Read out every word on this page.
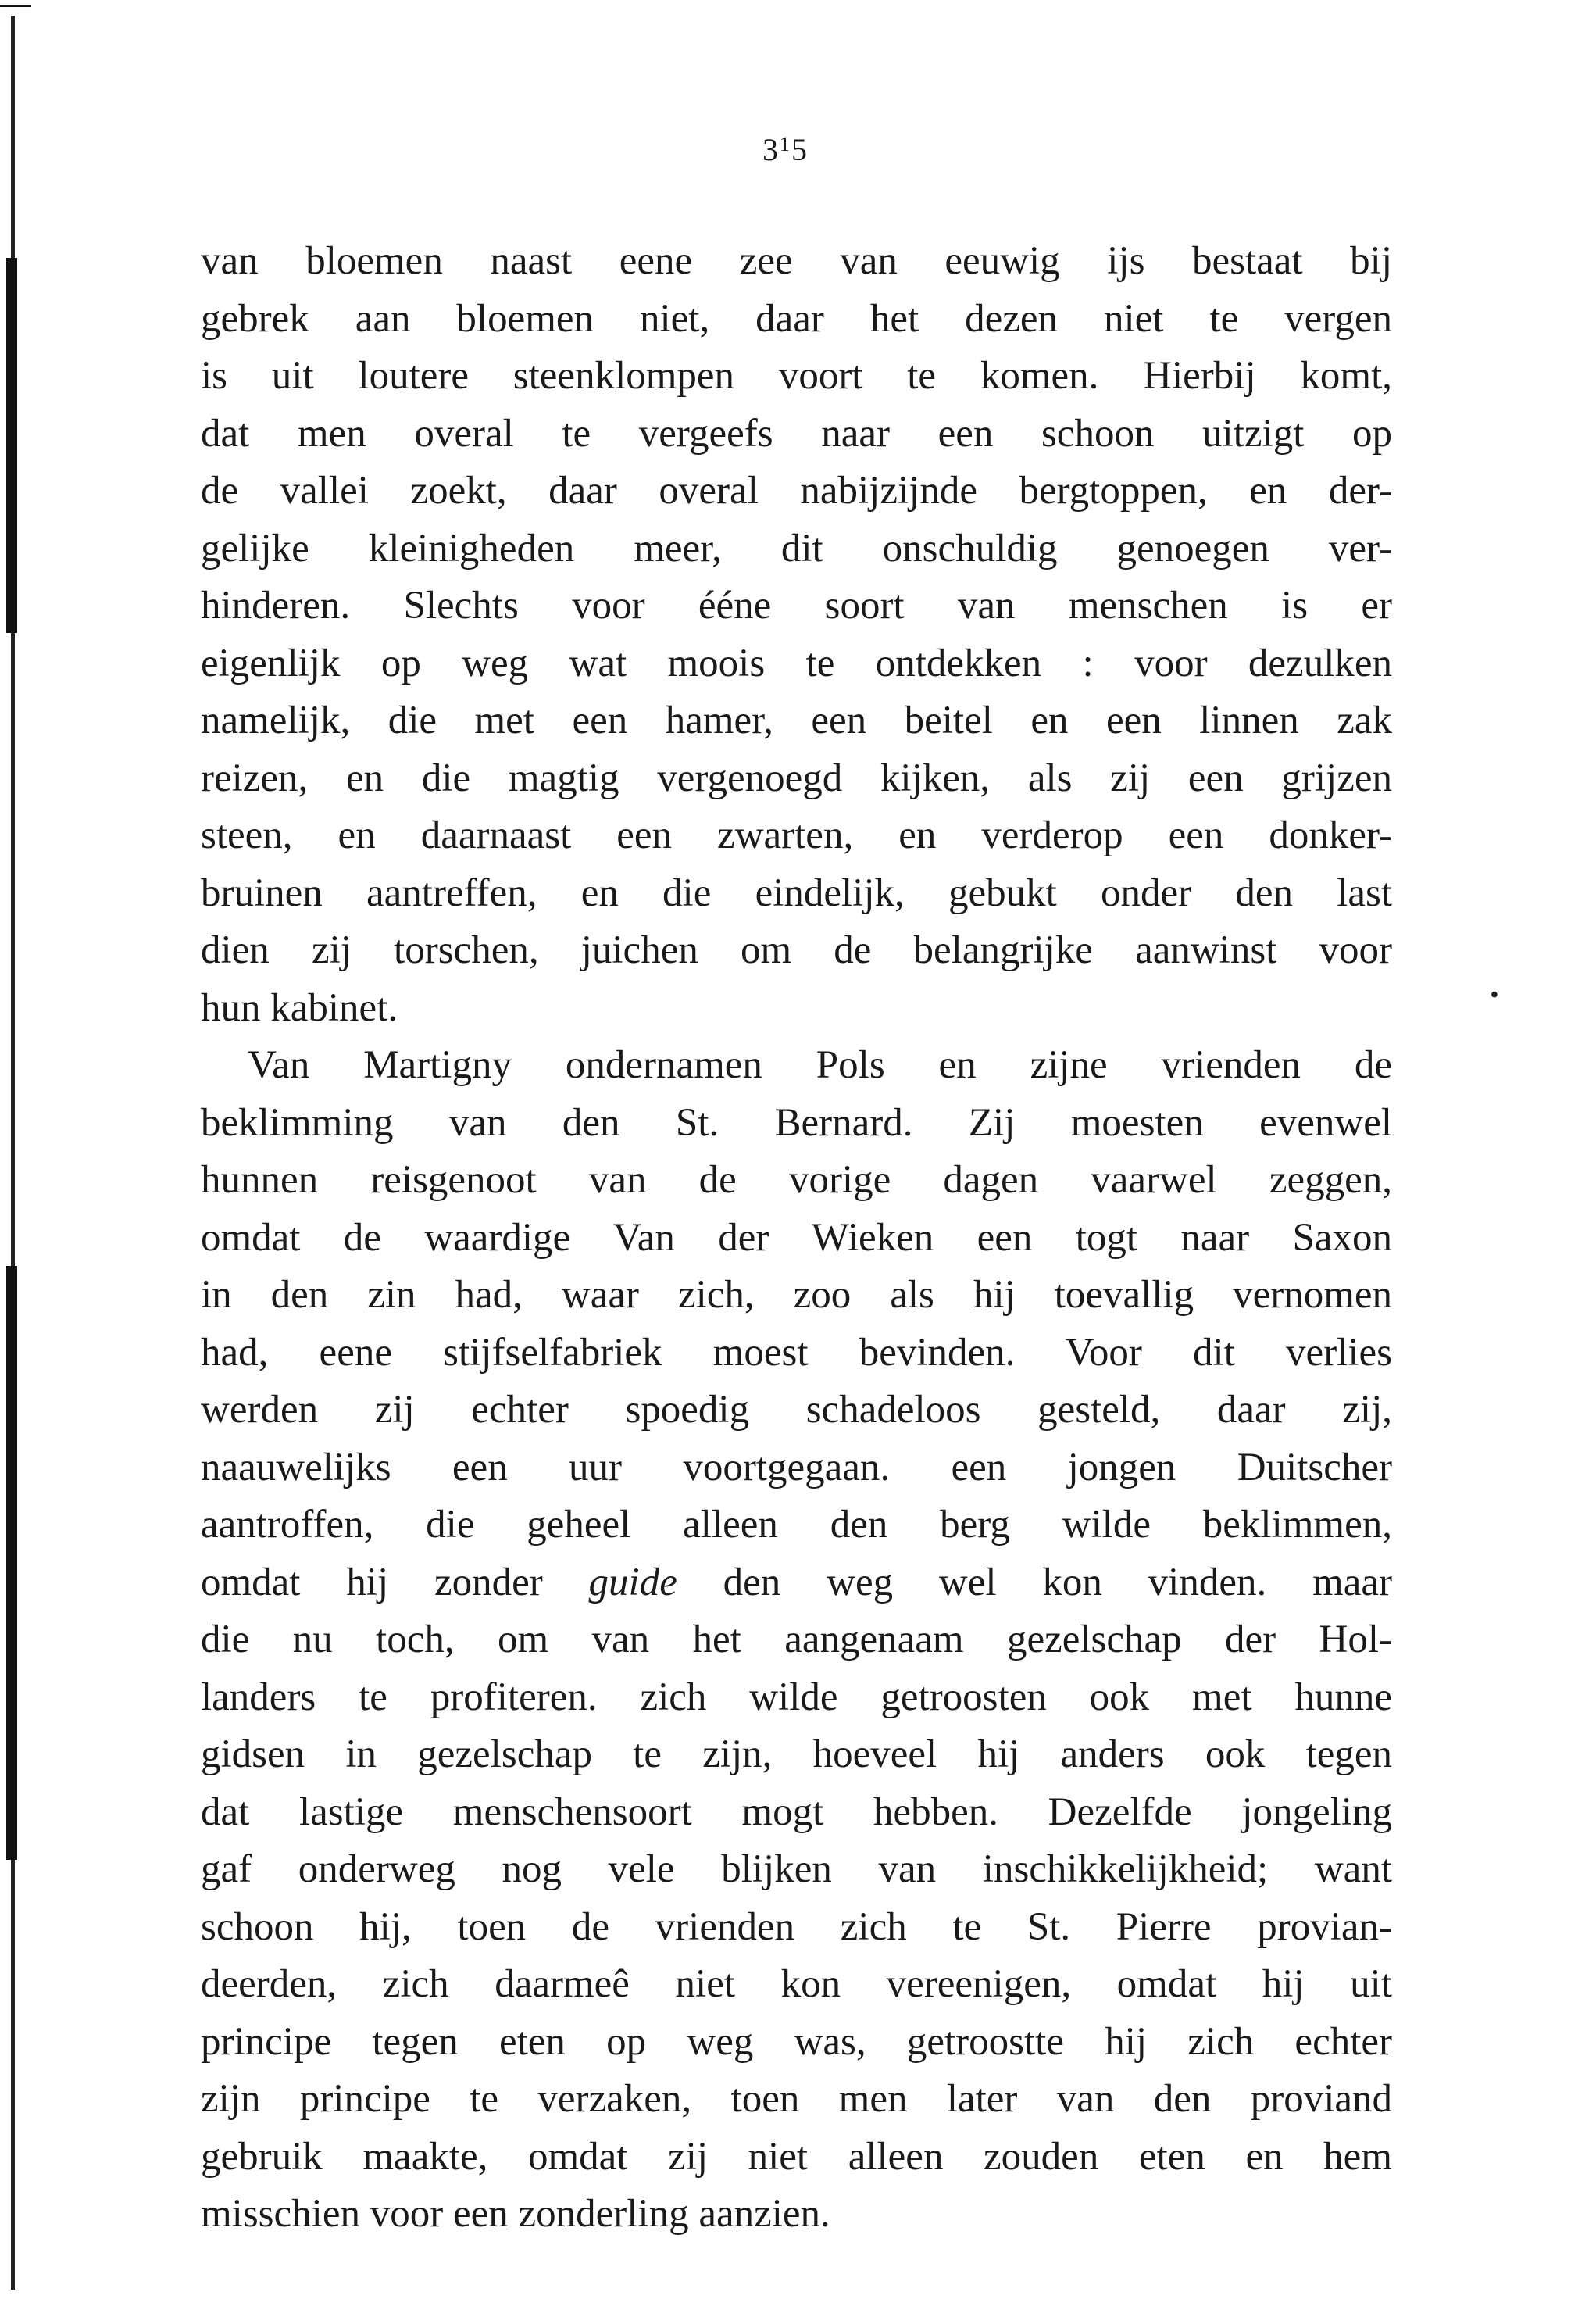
$3^15$
•
van bloemen naast eene zee van eeuwig ijs bestaat bij
gebrek aan bloemen niet, daar het dezen niet te vergen
is uit loutere steenklompen voort te komen. Hierbij komt,
dat men overal te vergeefs naar een schoon uitzigt op
de vallei zoekt, daar overal nabijzijnde bergtoppen, en der-
gelijke kleinigheden meer, dit onschuldig genoegen ver-
hinderen. Slechts voor ééne soort van menschen is er
eigenlijk op weg wat moois te ontdekken : voor dezulken
namelijk, die met een hamer, een beitel en een linnen zak
reizen, en die magtig vergenoegd kijken, als zij een grijzen
steen, en daarnaast een zwarten, en verderop een donker-
bruinen aantreffen, en die eindelijk, gebukt onder den last
dien zij torschen, juichen om de belangrijke aanwinst voor
hun kabinet.
Van Martigny ondernamen Pols en zijne vrienden de
beklimming van den St. Bernard. Zij moesten evenwel
hunnen reisgenoot van de vorige dagen vaarwel zeggen,
omdat de waardige Van der Wieken een togt naar Saxon
in den zin had, waar zich, zoo als hij toevallig vernomen
had, eene stijfselfabriek moest bevinden. Voor dit verlies
werden zij echter spoedig schadeloos gesteld, daar zij,
naauwelijks een uur voortgegaan. een jongen Duitscher
aantroffen, die geheel alleen den berg wilde beklimmen,
omdat hij zonder guide den weg wel kon vinden. maar
die nu toch, om van het aangenaam gezelschap der Hol-
landers te profiteren. zich wilde getroosten ook met hunne
gidsen in gezelschap te zijn, hoeveel hij anders ook tegen
dat lastige menschensoort mogt hebben. Dezelfde jongeling
gaf onderweg nog vele blijken van inschikkelijkheid; want
schoon hij, toen de vrienden zich te St. Pierre provian-
deerden, zich daarmeê niet kon vereenigen, omdat hij uit
principe tegen eten op weg was, getroostte hij zich echter
zijn principe te verzaken, toen men later van den proviand
gebruik maakte, omdat zij niet alleen zouden eten en hem
misschien voor een zonderling aanzien.
